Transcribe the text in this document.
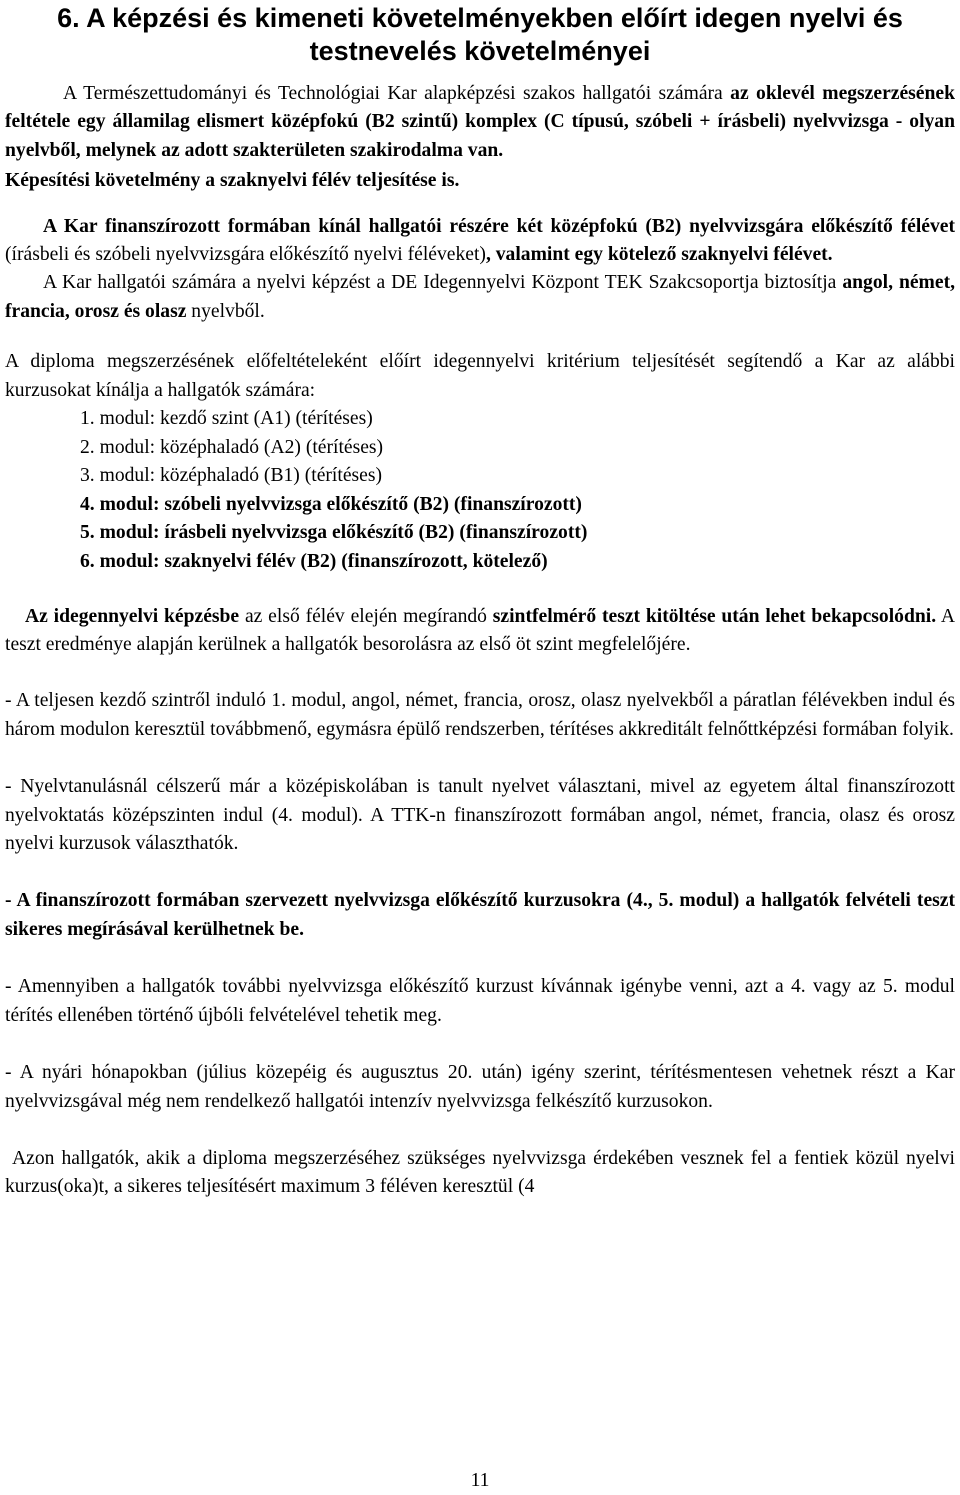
6. A képzési és kimeneti követelményekben előírt idegen nyelvi és
testnevelés követelményei

A Természettudományi és Technológiai Kar alapképzési szakos hallgatói számára az oklevél megszerzésének feltétele egy államilag elismert középfokú (B2 szintű) komplex (C típusú, szóbeli + írásbeli) nyelvvizsga - olyan nyelvből, melynek az adott szakterületen szakirodalma van.

Képesítési követelmény a szaknyelvi félév teljesítése is.

A Kar finanszírozott formában kínál hallgatói részére két középfokú (B2) nyelvvizsgára előkészítő félévet (írásbeli és szóbeli nyelvvizsgára előkészítő nyelvi féléveket), valamint egy kötelező szaknyelvi félévet.

A Kar hallgatói számára a nyelvi képzést a DE Idegennyelvi Központ TEK Szakcsoportja biztosítja angol, német, francia, orosz és olasz nyelvből.

A diploma megszerzésének előfeltételeként előírt idegennyelvi kritérium teljesítését segítendő a Kar az alábbi kurzusokat kínálja a hallgatók számára:

1. modul: kezdő szint (A1) (térítéses)
2. modul: középhaladó (A2) (térítéses)
3. modul: középhaladó (B1) (térítéses)
4. modul: szóbeli nyelvvizsga előkészítő (B2) (finanszírozott)
5. modul: írásbeli nyelvvizsga előkészítő (B2) (finanszírozott)
6. modul: szaknyelvi félév (B2) (finanszírozott, kötelező)

Az idegennyelvi képzésbe az első félév elején megírandó szintfelmérő teszt kitöltése után lehet bekapcsolódni. A teszt eredménye alapján kerülnek a hallgatók besorolásra az első öt szint megfelelőjére.

- A teljesen kezdő szintről induló 1. modul, angol, német, francia, orosz, olasz nyelvekből a páratlan félévekben indul és három modulon keresztül továbbmenő, egymásra épülő rendszerben, térítéses akkreditált felnőttképzési formában folyik.

- Nyelvtanulásnál célszerű már a középiskolában is tanult nyelvet választani, mivel az egyetem által finanszírozott nyelvoktatás középszinten indul (4. modul). A TTK-n finanszírozott formában angol, német, francia, olasz és orosz nyelvi kurzusok választhatók.

- A finanszírozott formában szervezett nyelvvizsga előkészítő kurzusokra (4., 5. modul) a hallgatók felvételi teszt sikeres megírásával kerülhetnek be.

- Amennyiben a hallgatók további nyelvvizsga előkészítő kurzust kívánnak igénybe venni, azt a 4. vagy az 5. modul térítés ellenében történő újbóli felvételével tehetik meg.

- A nyári hónapokban (július közepéig és augusztus 20. után) igény szerint, térítésmentesen vehetnek részt a Kar nyelvvizsgával még nem rendelkező hallgatói intenzív nyelvvizsga felkészítő kurzusokon.

Azon hallgatók, akik a diploma megszerzéséhez szükséges nyelvvizsga érdekében vesznek fel a fentiek közül nyelvi kurzus(oka)t, a sikeres teljesítésért maximum 3 féléven keresztül (4

11
